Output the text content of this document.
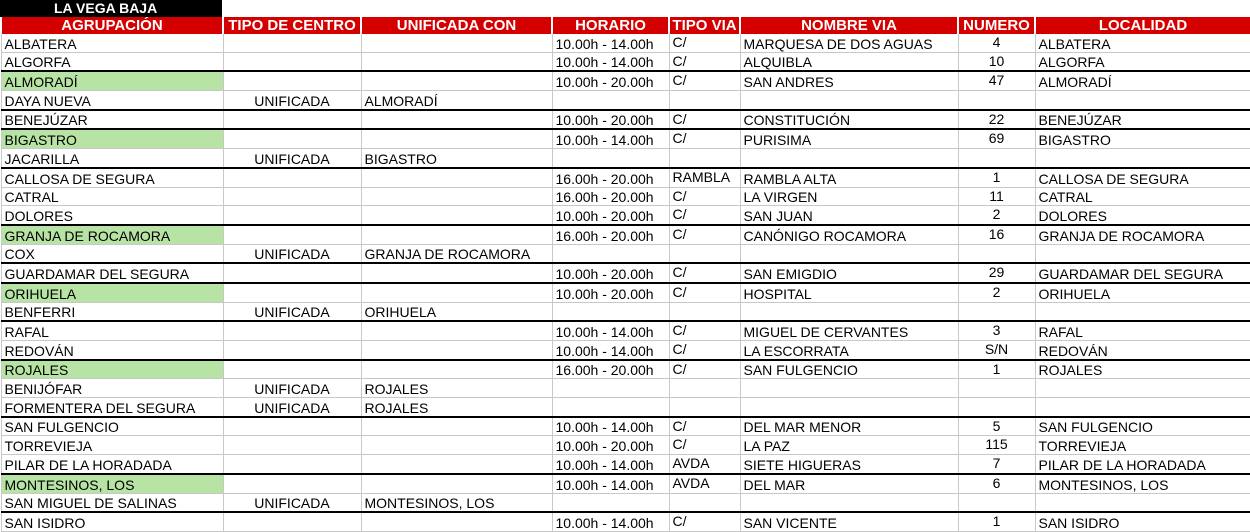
LA VEGA BAJA
AGRUPACIÓN	TIPO DE CENTRO	UNIFICADA CON	HORARIO	TIPO VIA	NOMBRE VIA	NUMERO	LOCALIDAD
ALBATERA			10.00h - 14.00h	C/	MARQUESA DE DOS AGUAS	4	ALBATERA
ALGORFA			10.00h - 14.00h	C/	ALQUIBLA	10	ALGORFA
ALMORADÍ			10.00h - 20.00h	C/	SAN ANDRES	47	ALMORADÍ
DAYA NUEVA	UNIFICADA	ALMORADÍ					
BENEJÚZAR			10.00h - 20.00h	C/	CONSTITUCIÓN	22	BENEJÚZAR
BIGASTRO			10.00h - 14.00h	C/	PURISIMA	69	BIGASTRO
JACARILLA	UNIFICADA	BIGASTRO					
CALLOSA DE SEGURA			16.00h - 20.00h	RAMBLA	RAMBLA ALTA	1	CALLOSA DE SEGURA
CATRAL			16.00h - 20.00h	C/	LA VIRGEN	11	CATRAL
DOLORES			10.00h - 20.00h	C/	SAN JUAN	2	DOLORES
GRANJA DE ROCAMORA			16.00h - 20.00h	C/	CANÓNIGO ROCAMORA	16	GRANJA DE ROCAMORA
COX	UNIFICADA	GRANJA DE ROCAMORA					
GUARDAMAR DEL SEGURA			10.00h - 20.00h	C/	SAN EMIGDIO	29	GUARDAMAR DEL SEGURA
ORIHUELA			10.00h - 20.00h	C/	HOSPITAL	2	ORIHUELA
BENFERRI	UNIFICADA	ORIHUELA					
RAFAL			10.00h - 14.00h	C/	MIGUEL DE CERVANTES	3	RAFAL
REDOVÁN			10.00h - 14.00h	C/	LA ESCORRATA	S/N	REDOVÁN
ROJALES			16.00h - 20.00h	C/	SAN FULGENCIO	1	ROJALES
BENIJÓFAR	UNIFICADA	ROJALES					
FORMENTERA DEL SEGURA	UNIFICADA	ROJALES					
SAN FULGENCIO			10.00h - 14.00h	C/	DEL MAR MENOR	5	SAN FULGENCIO
TORREVIEJA			10.00h - 20.00h	C/	LA PAZ	115	TORREVIEJA
PILAR DE LA HORADADA			10.00h - 14.00h	AVDA	SIETE HIGUERAS	7	PILAR DE LA HORADADA
MONTESINOS, LOS			10.00h - 14.00h	AVDA	DEL MAR	6	MONTESINOS, LOS
SAN MIGUEL DE SALINAS	UNIFICADA	MONTESINOS, LOS					
SAN ISIDRO			10.00h - 14.00h	C/	SAN VICENTE	1	SAN ISIDRO
